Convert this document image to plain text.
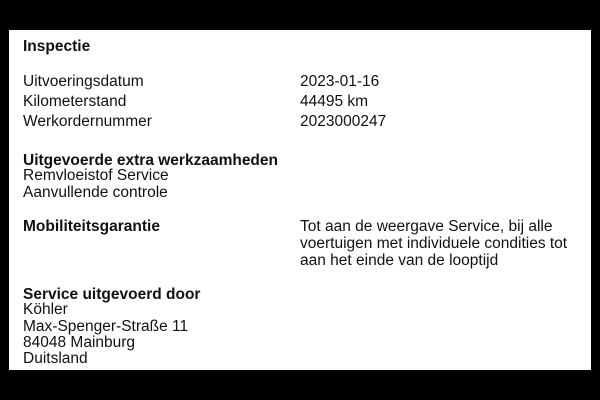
Inspectie
Uitvoeringsdatum	2023-01-16
Kilometerstand	44495 km
Werkordernummer	2023000247
Uitgevoerde extra werkzaamheden
Remvloeistof Service
Aanvullende controle
Mobiliteitsgarantie	Tot aan de weergave Service, bij alle
voertuigen met individuele condities tot
aan het einde van de looptijd
Service uitgevoerd door
Köhler
Max-Spenger-Straße 11
84048 Mainburg
Duitsland
